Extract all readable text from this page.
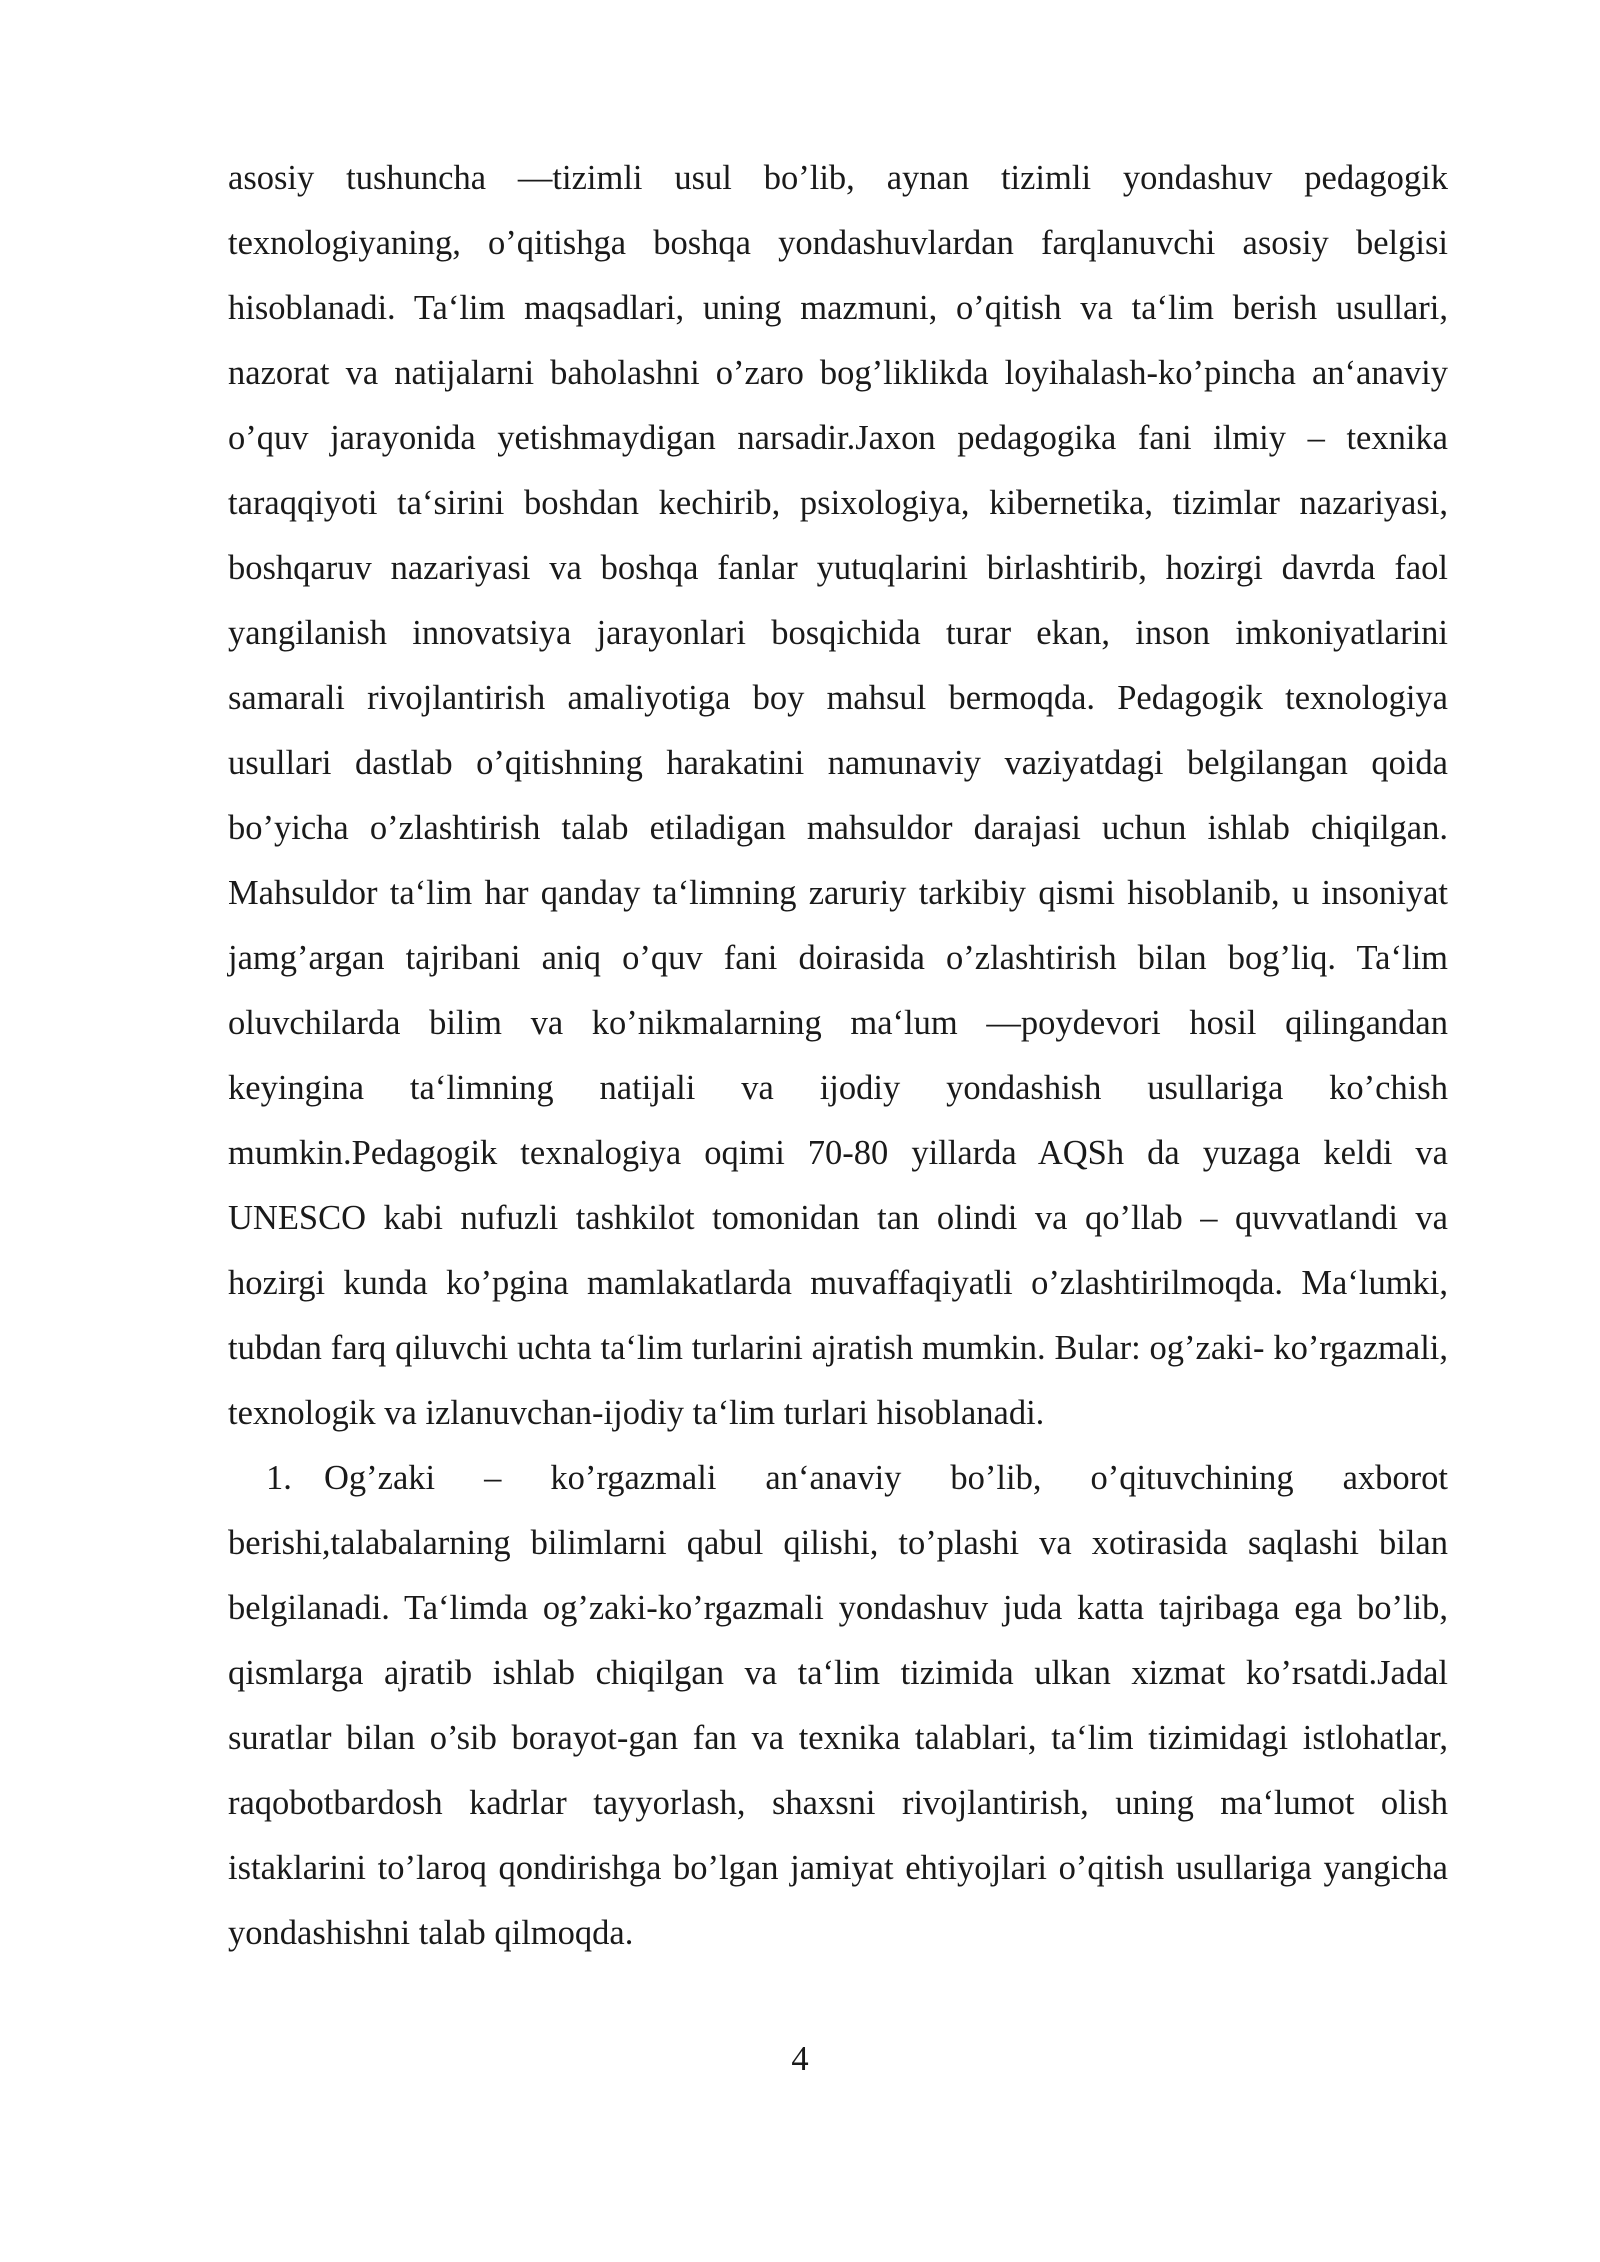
asosiy tushuncha ―tizimli usul bo’lib, aynan tizimli yondashuv pedagogik texnologiyaning, o’qitishga boshqa yondashuvlardan farqlanuvchi asosiy belgisi hisoblanadi. Ta‘lim maqsadlari, uning mazmuni, o’qitish va ta‘lim berish usullari, nazorat va natijalarni baholashni o’zaro bog’liklikda loyihalash-ko’pincha an‘anaviy o’quv jarayonida yetishmaydigan narsadir.Jaxon pedagogika fani ilmiy – texnika taraqqiyoti ta‘sirini boshdan kechirib, psixologiya, kibernetika, tizimlar nazariyasi, boshqaruv nazariyasi va boshqa fanlar yutuqlarini birlashtirib, hozirgi davrda faol yangilanish innovatsiya jarayonlari bosqichida turar ekan, inson imkoniyatlarini samarali rivojlantirish amaliyotiga boy mahsul bermoqda. Pedagogik texnologiya usullari dastlab o’qitishning harakatini namunaviy vaziyatdagi belgilangan qoida bo’yicha o’zlashtirish talab etiladigan mahsuldor darajasi uchun ishlab chiqilgan. Mahsuldor ta‘lim har qanday ta‘limning zaruriy tarkibiy qismi hisoblanib, u insoniyat jamg’argan tajribani aniq o’quv fani doirasida o’zlashtirish bilan bog’liq. Ta‘lim oluvchilarda bilim va ko’nikmalarning ma‘lum ―poydevori hosil qilingandan keyingina ta‘limning natijali va ijodiy yondashish usullariga ko’chish mumkin.Pedagogik texnalogiya oqimi 70-80 yillarda AQSh da yuzaga keldi va UNESCO kabi nufuzli tashkilot tomonidan tan olindi va qo’llab – quvvatlandi va hozirgi kunda ko’pgina mamlakatlarda muvaffaqiyatli o’zlashtirilmoqda. Ma‘lumki, tubdan farq qiluvchi uchta ta‘lim turlarini ajratish mumkin. Bular: og’zaki- ko’rgazmali, texnologik va izlanuvchan-ijodiy ta‘lim turlari hisoblanadi.

1. Og’zaki – ko’rgazmali an‘anaviy bo’lib, o’qituvchining axborot berishi,talabalarning bilimlarni qabul qilishi, to’plashi va xotirasida saqlashi bilan belgilanadi. Ta‘limda og’zaki-ko’rgazmali yondashuv juda katta tajribaga ega bo’lib, qismlarga ajratib ishlab chiqilgan va ta‘lim tizimida ulkan xizmat ko’rsatdi.Jadal suratlar bilan o’sib borayot-gan fan va texnika talablari, ta‘lim tizimidagi istlohatlar, raqobotbardosh kadrlar tayyorlash, shaxsni rivojlantirish, uning ma‘lumot olish istaklarini to’laroq qondirishga bo’lgan jamiyat ehtiyojlari o’qitish usullariga yangicha yondashishni talab qilmoqda.

4
